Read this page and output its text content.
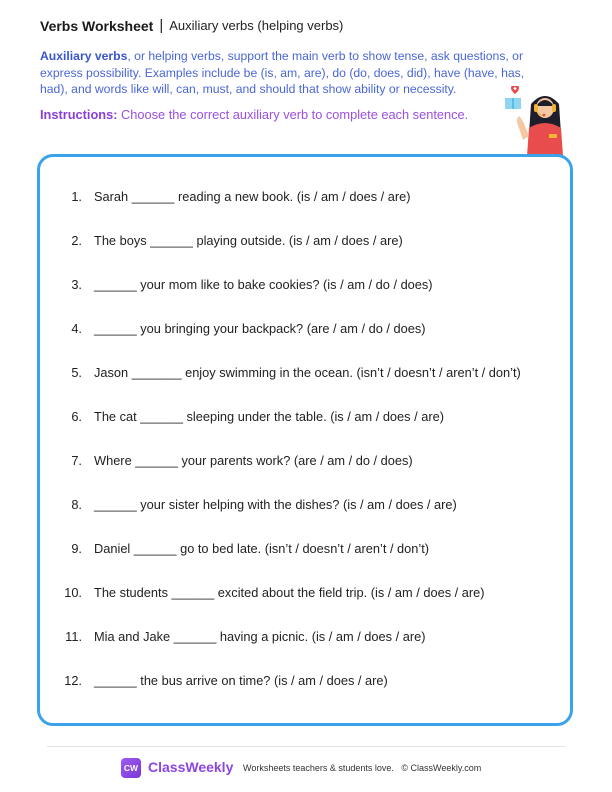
Verbs Worksheet | Auxiliary verbs (helping verbs)
Auxiliary verbs, or helping verbs, support the main verb to show tense, ask questions, or express possibility. Examples include be (is, am, are), do (do, does, did), have (have, has, had), and words like will, can, must, and should that show ability or necessity.
Instructions: Choose the correct auxiliary verb to complete each sentence.
1. Sarah ______ reading a new book. (is / am / does / are)
2. The boys ______ playing outside. (is / am / does / are)
3. ______ your mom like to bake cookies? (is / am / do / does)
4. ______ you bringing your backpack? (are / am / do / does)
5. Jason _______ enjoy swimming in the ocean. (isn’t / doesn’t / aren’t / don’t)
6. The cat ______ sleeping under the table. (is / am / does / are)
7. Where ______ your parents work? (are / am / do / does)
8. ______ your sister helping with the dishes? (is / am / does / are)
9. Daniel ______ go to bed late. (isn’t / doesn’t / aren’t / don’t)
10. The students ______ excited about the field trip. (is / am / does / are)
11. Mia and Jake ______ having a picnic. (is / am / does / are)
12. ______ the bus arrive on time? (is / am / does / are)
CW ClassWeekly Worksheets teachers & students love.   © ClassWeekly.com
